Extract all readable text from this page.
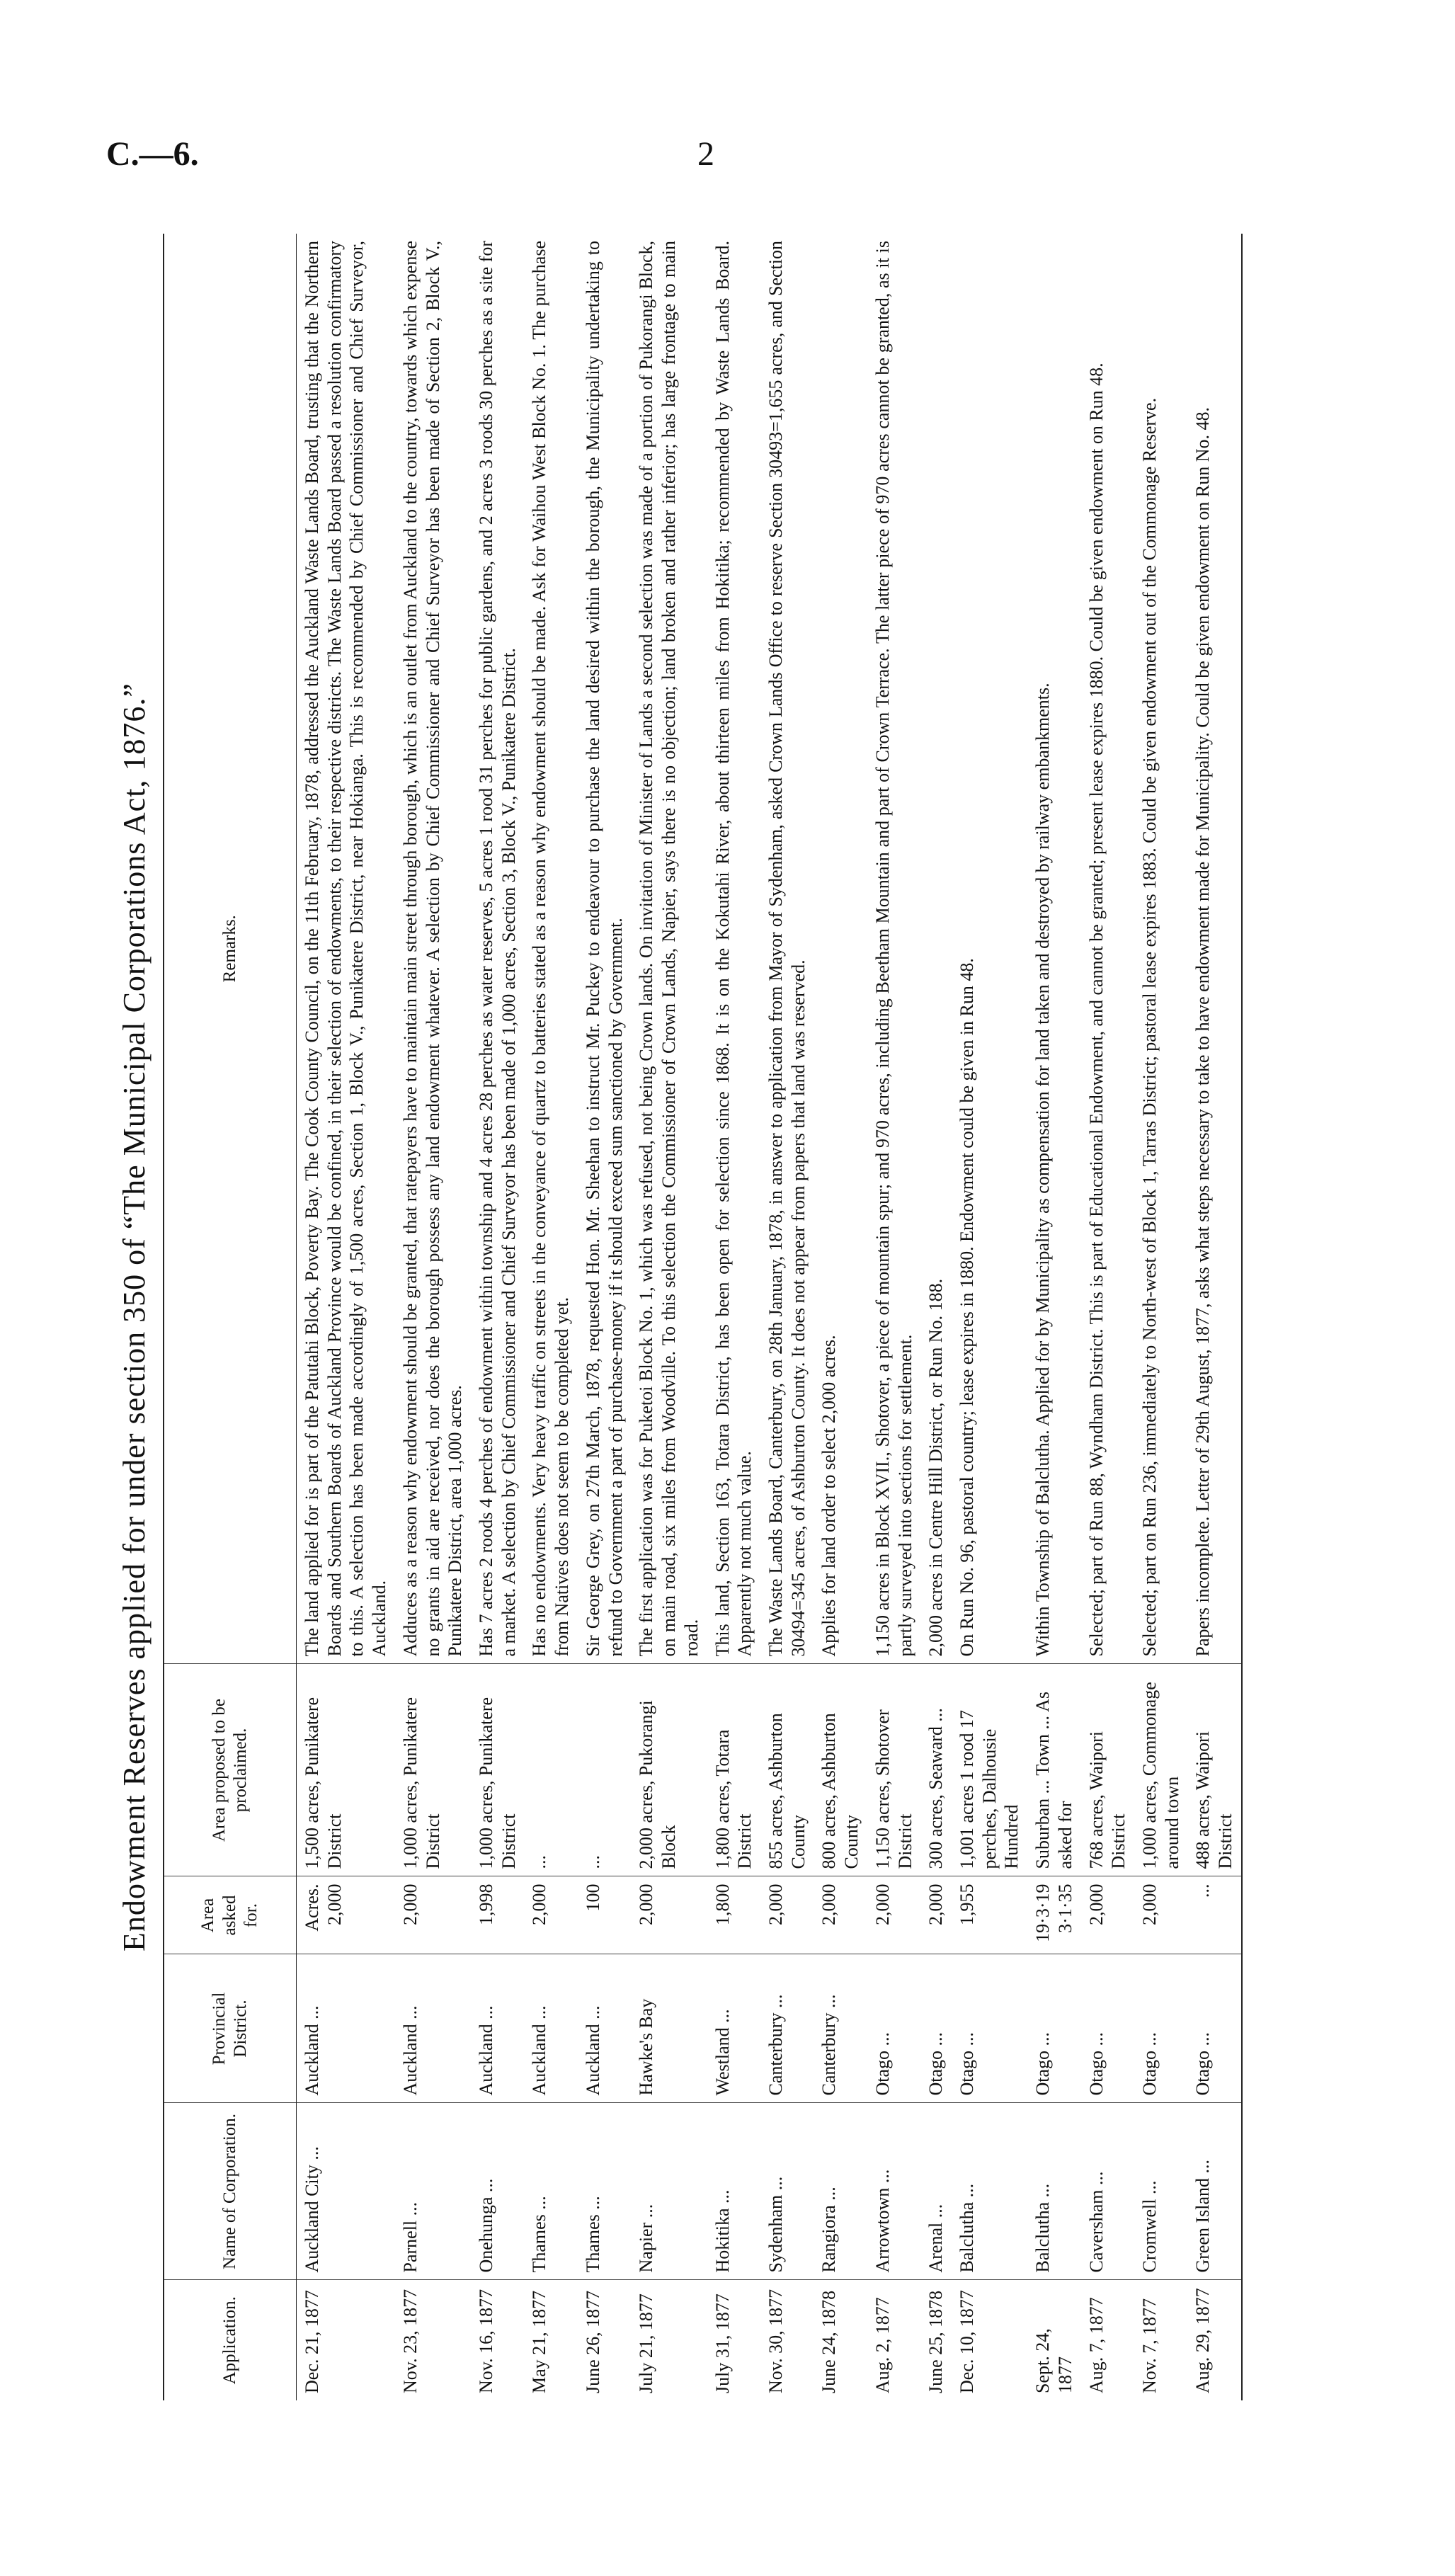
C.—6.	2
Endowment Reserves applied for under section 350 of “The Municipal Corporations Act, 1876.”
Application.	Name of Corporation.	Provincial District.	Area asked for.	Area proposed to be proclaimed.	Remarks.
Dec. 21, 1877	Auckland City ...	Auckland ...	Acres. 2,000	1,500 acres, Punikatere District	The land applied for is part of the Patutahi Block, Poverty Bay. The Cook County Council, on the 11th February, 1878, addressed the Auckland Waste Lands Board, trusting that the Northern Boards and Southern Boards of Auckland Province would be confined, in their selection of endowments, to their respective districts. The Waste Lands Board passed a resolution confirmatory to this. A selection has been made accordingly of 1,500 acres, Section 1, Block V., Punikatere District, near Hokianga. This is recommended by Chief Commissioner and Chief Surveyor, Auckland.
Nov. 23, 1877	Parnell ...	Auckland ...	2,000	1,000 acres, Punikatere District	Adduces as a reason why endowment should be granted, that ratepayers have to maintain main street through borough, which is an outlet from Auckland to the country, towards which expense no grants in aid are received, nor does the borough possess any land endowment whatever. A selection by Chief Commissioner and Chief Surveyor has been made of Section 2, Block V., Punikatere District, area 1,000 acres.
Nov. 16, 1877	Onehunga ...	Auckland ...	1,998	1,000 acres, Punikatere District	Has 7 acres 2 roods 4 perches of endowment within township and 4 acres 28 perches as water reserves, 5 acres 1 rood 31 perches for public gardens, and 2 acres 3 roods 30 perches as a site for a market. A selection by Chief Commissioner and Chief Surveyor has been made of 1,000 acres, Section 3, Block V., Punikatere District.
May 21, 1877	Thames ...	Auckland ...	2,000	...	Has no endowments. Very heavy traffic on streets in the conveyance of quartz to batteries stated as a reason why endowment should be made. Ask for Waihou West Block No. 1. The purchase from Natives does not seem to be completed yet.
June 26, 1877	Thames ...	Auckland ...	100	...	Sir George Grey, on 27th March, 1878, requested Hon. Mr. Sheehan to instruct Mr. Puckey to endeavour to purchase the land desired within the borough, the Municipality undertaking to refund to Government a part of purchase-money if it should exceed sum sanctioned by Government.
July 21, 1877	Napier ...	Hawke's Bay	2,000	2,000 acres, Pukorangi Block	The first application was for Puketoi Block No. 1, which was refused, not being Crown lands. On invitation of Minister of Lands a second selection was made of a portion of Pukorangi Block, on main road, six miles from Woodville. To this selection the Commissioner of Crown Lands, Napier, says there is no objection; land broken and rather inferior; has large frontage to main road.
July 31, 1877	Hokitika ...	Westland ...	1,800	1,800 acres, Totara District	This land, Section 163, Totara District, has been open for selection since 1868. It is on the Kokutahi River, about thirteen miles from Hokitika; recommended by Waste Lands Board. Apparently not much value.
Nov. 30, 1877	Sydenham ...	Canterbury ...	2,000	855 acres, Ashburton County	The Waste Lands Board, Canterbury, on 28th January, 1878, in answer to application from Mayor of Sydenham, asked Crown Lands Office to reserve Section 30493=1,655 acres, and Section 30494=345 acres, of Ashburton County. It does not appear from papers that land was reserved.
June 24, 1878	Rangiora ...	Canterbury ...	2,000	800 acres, Ashburton County	Applies for land order to select 2,000 acres.
Aug. 2, 1877	Arrowtown ...	Otago ...	2,000	1,150 acres, Shotover District	1,150 acres in Block XVII., Shotover, a piece of mountain spur; and 970 acres, including Beetham Mountain and part of Crown Terrace. The latter piece of 970 acres cannot be granted, as it is partly surveyed into sections for settlement.
June 25, 1878	Arenal ...	Otago ...	2,000	300 acres, Seaward ...	2,000 acres in Centre Hill District, or Run No. 188.
Dec. 10, 1877	Balclutha ...	Otago ...	1,955	1,001 acres 1 rood 17 perches, Dalhousie Hundred	On Run No. 96, pastoral country; lease expires in 1880. Endowment could be given in Run 48.
Sept. 24, 1877	Balclutha ...	Otago ...	19·3·19 3·1·35	Suburban ... Town ... As asked for	Within Township of Balclutha. Applied for by Municipality as compensation for land taken and destroyed by railway embankments.
Aug. 7, 1877	Caversham ...	Otago ...	2,000	768 acres, Waipori District	Selected; part of Run 88, Wyndham District. This is part of Educational Endowment, and cannot be granted; present lease expires 1880. Could be given endowment on Run 48.
Nov. 7, 1877	Cromwell ...	Otago ...	2,000	1,000 acres, Commonage around town	Selected; part on Run 236, immediately to North-west of Block 1, Tarras District; pastoral lease expires 1883. Could be given endowment out of the Commonage Reserve.
Aug. 29, 1877	Green Island ...	Otago ...	...	488 acres, Waipori District	Papers incomplete. Letter of 29th August, 1877, asks what steps necessary to take to have endowment made for Municipality. Could be given endowment on Run No. 48.
